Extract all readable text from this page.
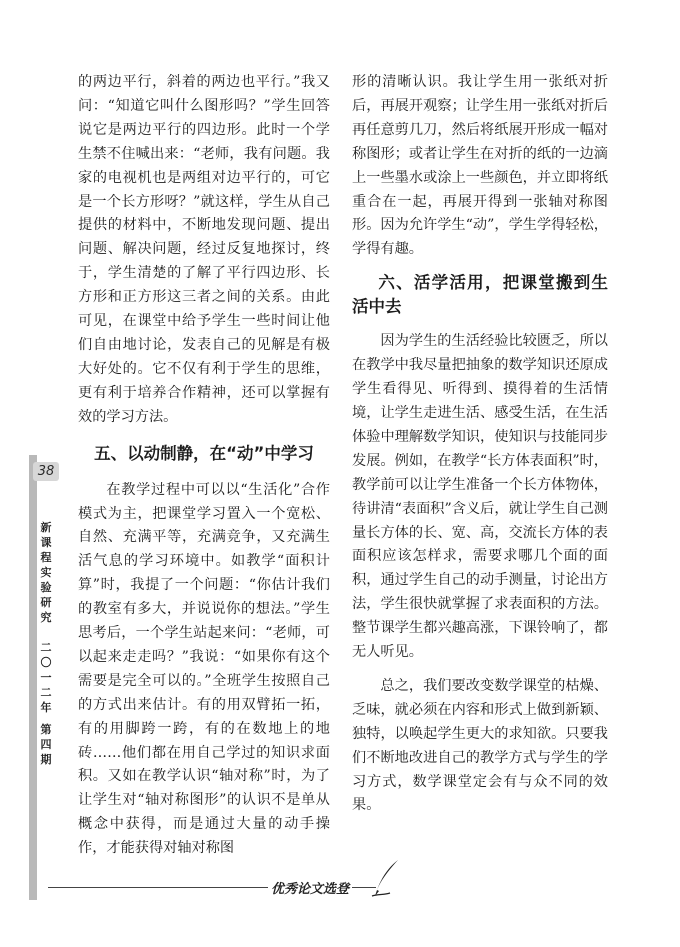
的两边平行，斜着的两边也平行。”我又问：“知道它叫什么图形吗？”学生回答说它是两边平行的四边形。此时一个学生禁不住喊出来：“老师，我有问题。我家的电视机也是两组对边平行的，可它是一个长方形呀？”就这样，学生从自己提供的材料中，不断地发现问题、提出问题、解决问题，经过反复地探讨，终于，学生清楚的了解了平行四边形、长方形和正方形这三者之间的关系。由此可见，在课堂中给予学生一些时间让他们自由地讨论，发表自己的见解是有极大好处的。它不仅有利于学生的思维，更有利于培养合作精神，还可以掌握有效的学习方法。

五、以动制静，在“动”中学习

在教学过程中可以以“生活化”合作模式为主，把课堂学习置入一个宽松、自然、充满平等，充满竞争，又充满生活气息的学习环境中。如教学“面积计算”时，我提了一个问题：“你估计我们的教室有多大，并说说你的想法。”学生思考后，一个学生站起来问：“老师，可以起来走走吗？”我说：“如果你有这个需要是完全可以的。”全班学生按照自己的方式出来估计。有的用双臂拓一拓，有的用脚跨一跨，有的在数地上的地砖……他们都在用自己学过的知识求面积。又如在教学认识“轴对称”时，为了让学生对“轴对称图形”的认识不是单从概念中获得，而是通过大量的动手操作，才能获得对轴对称图

形的清晰认识。我让学生用一张纸对折后，再展开观察；让学生用一张纸对折后再任意剪几刀，然后将纸展开形成一幅对称图形；或者让学生在对折的纸的一边滴上一些墨水或涂上一些颜色，并立即将纸重合在一起，再展开得到一张轴对称图形。因为允许学生“动”，学生学得轻松，学得有趣。

六、活学活用，把课堂搬到生活中去

因为学生的生活经验比较匮乏，所以在教学中我尽量把抽象的数学知识还原成学生看得见、听得到、摸得着的生活情境，让学生走进生活、感受生活，在生活体验中理解数学知识，使知识与技能同步发展。例如，在教学“长方体表面积”时，教学前可以让学生准备一个长方体物体，待讲清“表面积”含义后，就让学生自己测量长方体的长、宽、高，交流长方体的表面积应该怎样求，需要求哪几个面的面积，通过学生自己的动手测量，讨论出方法，学生很快就掌握了求表面积的方法。整节课学生都兴趣高涨，下课铃响了，都无人听见。

总之，我们要改变数学课堂的枯燥、乏味，就必须在内容和形式上做到新颖、独特，以唤起学生更大的求知欲。只要我们不断地改进自己的教学方式与学生的学习方式，数学课堂定会有与众不同的效果。

38
新课程实验研究
二〇一二年
第四期
优秀论文选登
